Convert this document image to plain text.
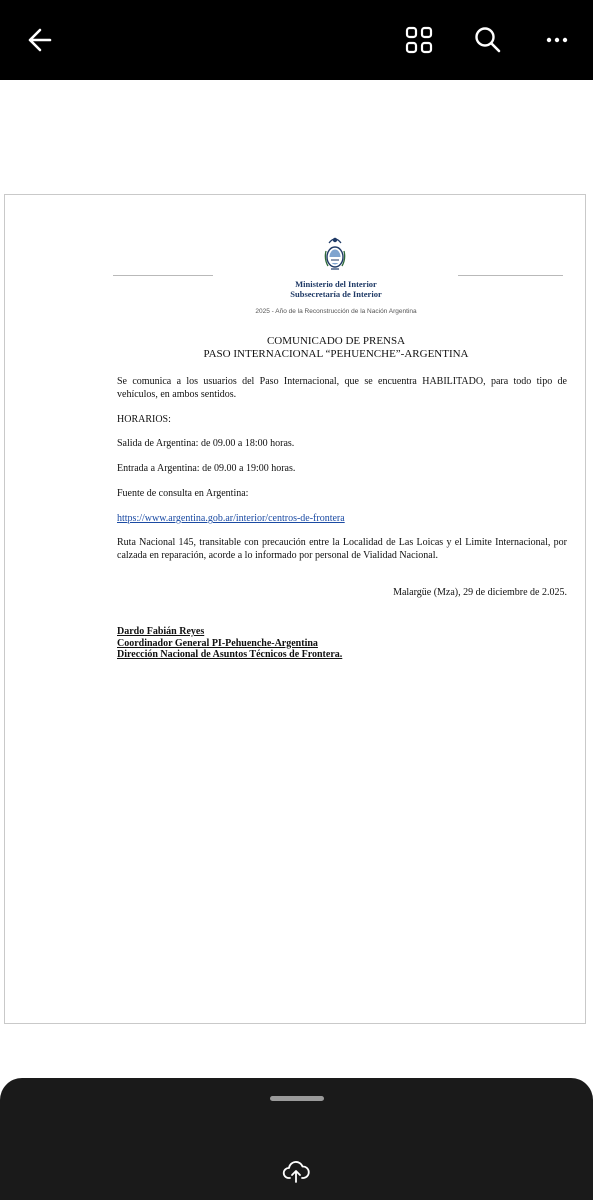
Ministerio del Interior
Subsecretaría de Interior
2025 - Año de la Reconstrucción de la Nación Argentina
COMUNICADO DE PRENSA
PASO INTERNACIONAL “PEHUENCHE”-ARGENTINA
Se comunica a los usuarios del Paso Internacional, que se encuentra HABILITADO, para todo tipo de vehículos, en ambos sentidos.
HORARIOS:
Salida de Argentina: de 09.00 a 18:00 horas.
Entrada a Argentina: de 09.00 a 19:00 horas.
Fuente de consulta en Argentina:
https://www.argentina.gob.ar/interior/centros-de-frontera
Ruta Nacional 145, transitable con precaución entre la Localidad de Las Loicas y el Limite Internacional, por calzada en reparación, acorde a lo informado por personal de Vialidad Nacional.
Malargüe (Mza), 29 de diciembre de 2.025.
Dardo Fabián Reyes
Coordinador General PI-Pehuenche-Argentina
Dirección Nacional de Asuntos Técnicos de Frontera.
